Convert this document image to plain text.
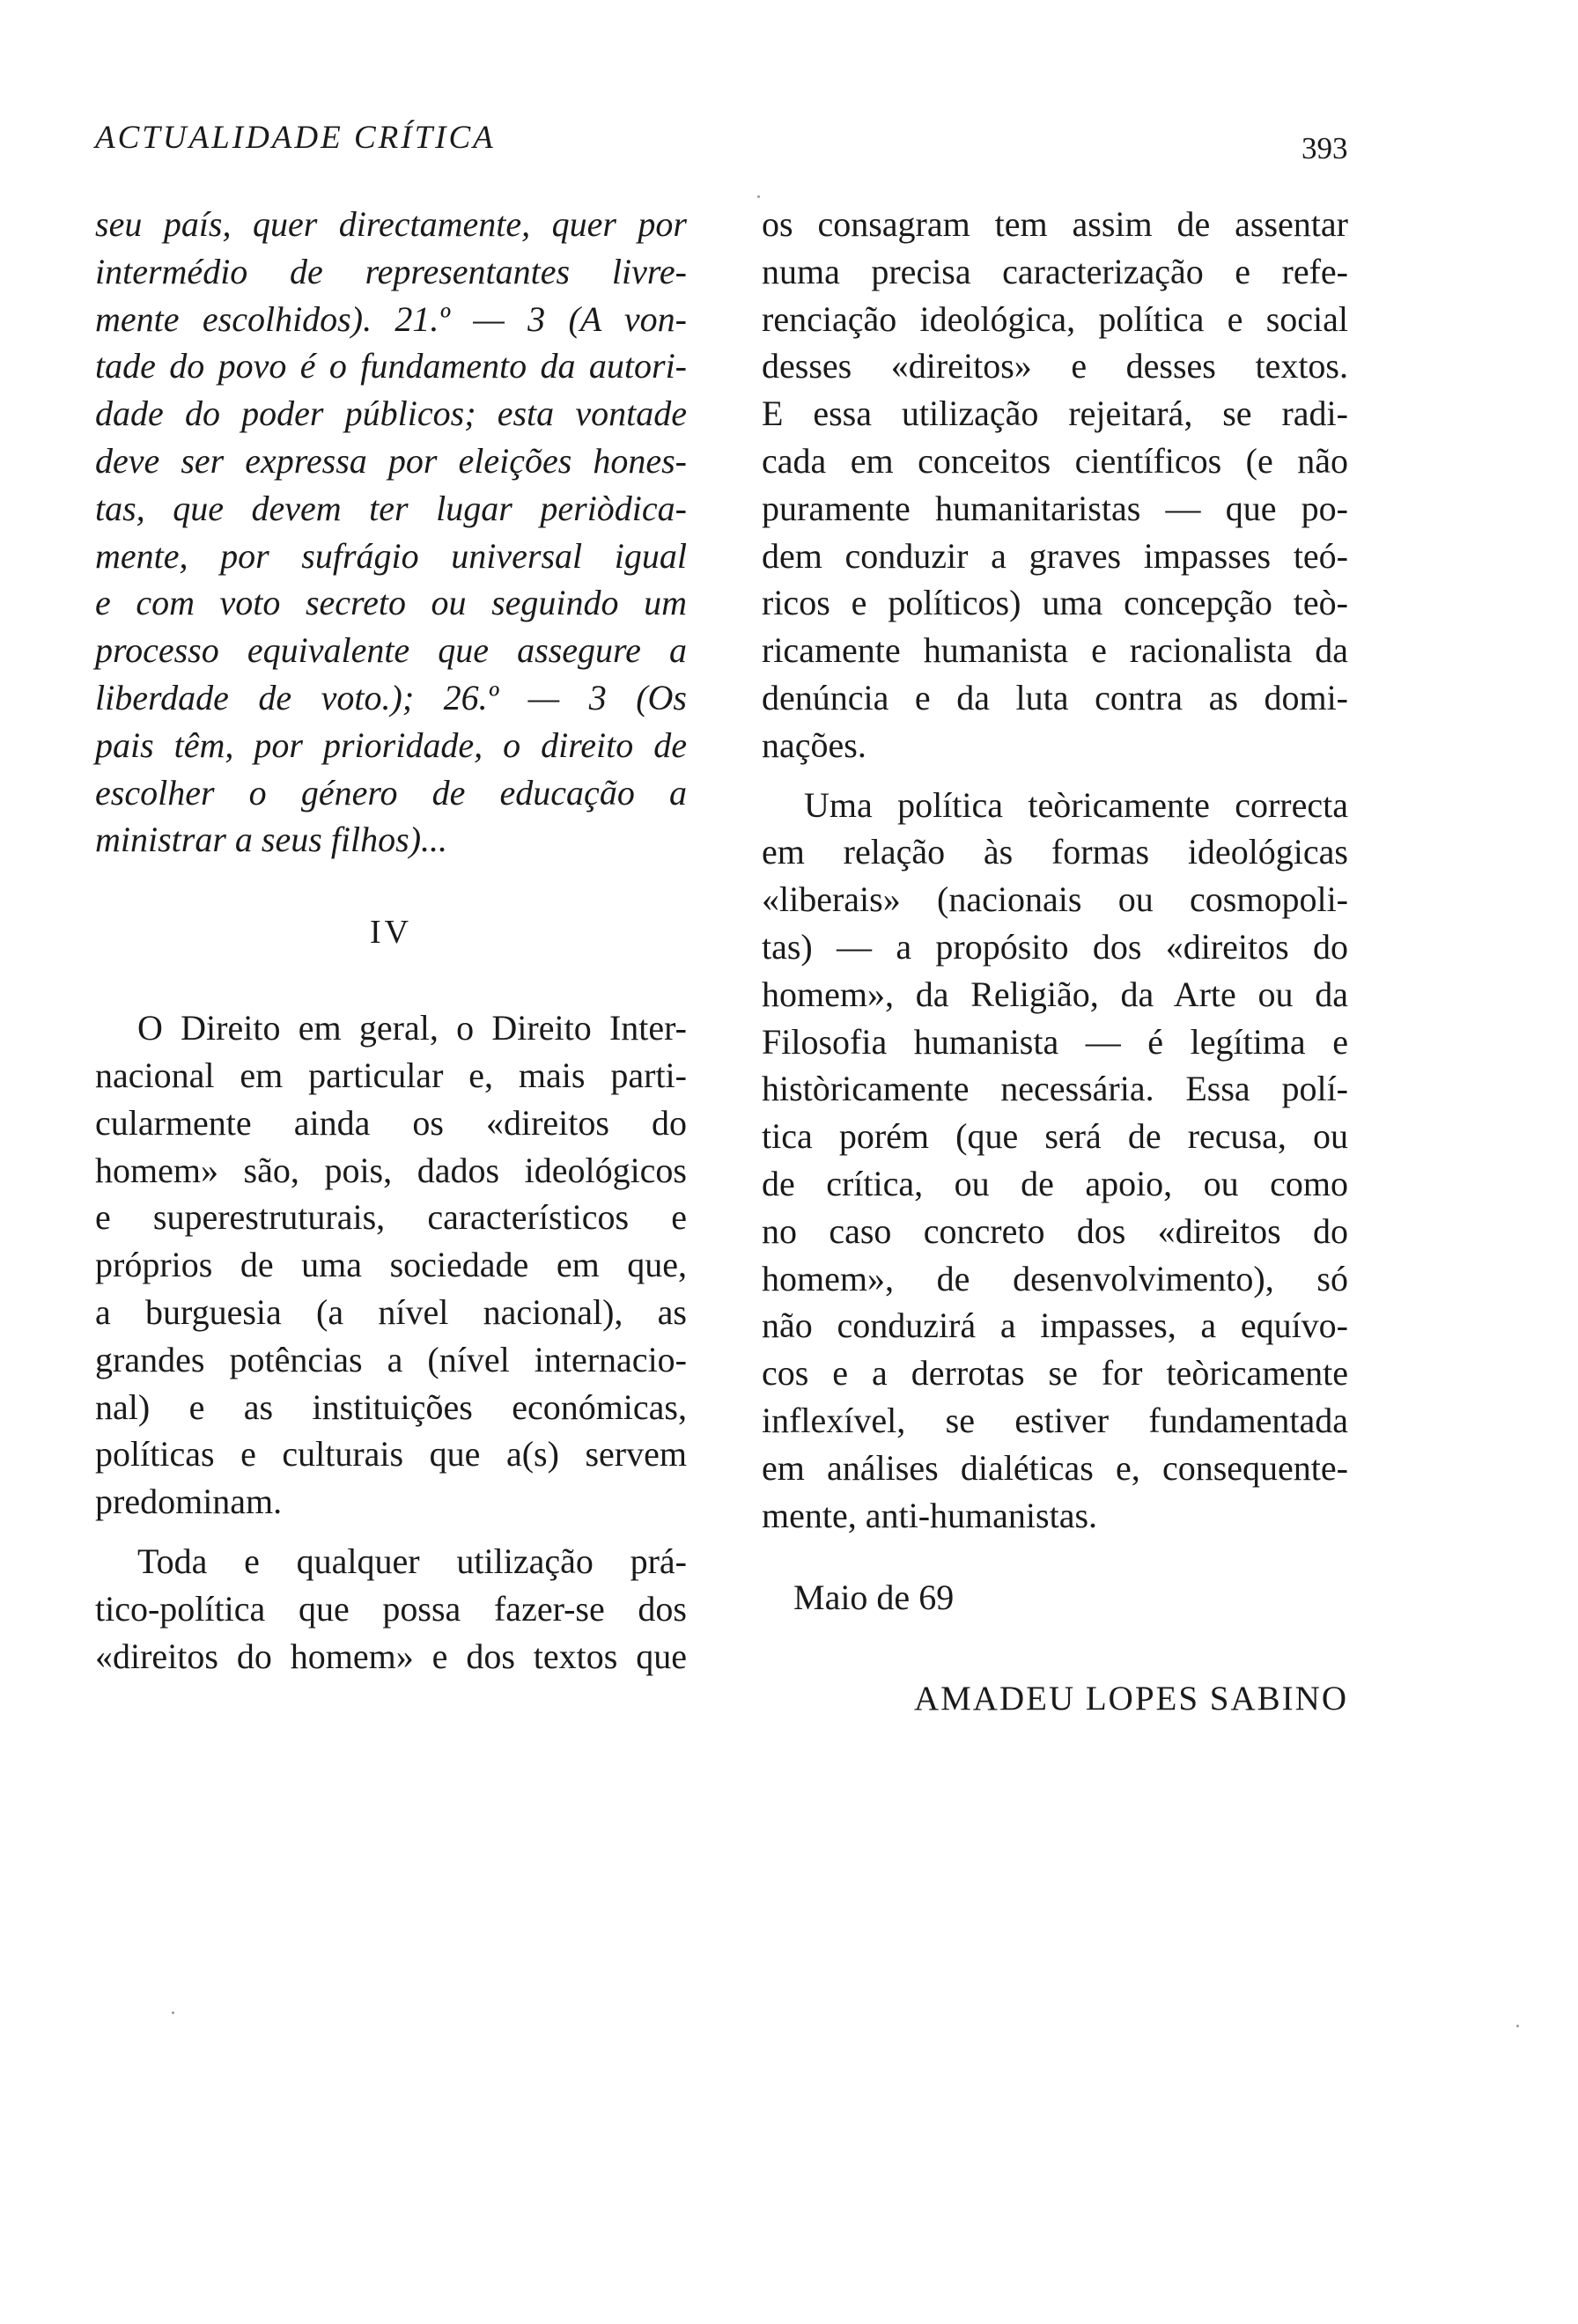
ACTUALIDADE CRÍTICA	393
seu país, quer directamente, quer por
intermédio de representantes livre-
mente escolhidos). 21.º — 3 (A von-
tade do povo é o fundamento da autori-
dade do poder públicos; esta vontade
deve ser expressa por eleições hones-
tas, que devem ter lugar periòdica-
mente, por sufrágio universal igual
e com voto secreto ou seguindo um
processo equivalente que assegure a
liberdade de voto.); 26.º — 3 (Os
pais têm, por prioridade, o direito de
escolher o género de educação a
ministrar a seus filhos)...
IV
O Direito em geral, o Direito Inter-
nacional em particular e, mais parti-
cularmente ainda os «direitos do
homem» são, pois, dados ideológicos
e superestruturais, característicos e
próprios de uma sociedade em que,
a burguesia (a nível nacional), as
grandes potências a (nível internacio-
nal) e as instituições económicas,
políticas e culturais que a(s) servem
predominam.
Toda e qualquer utilização prá-
tico-política que possa fazer-se dos
«direitos do homem» e dos textos que
os consagram tem assim de assentar
numa precisa caracterização e refe-
renciação ideológica, política e social
desses «direitos» e desses textos.
E essa utilização rejeitará, se radi-
cada em conceitos científicos (e não
puramente humanitaristas — que po-
dem conduzir a graves impasses teó-
ricos e políticos) uma concepção teò-
ricamente humanista e racionalista da
denúncia e da luta contra as domi-
nações.
Uma política teòricamente correcta
em relação às formas ideológicas
«liberais» (nacionais ou cosmopoli-
tas) — a propósito dos «direitos do
homem», da Religião, da Arte ou da
Filosofia humanista — é legítima e
històricamente necessária. Essa polí-
tica porém (que será de recusa, ou
de crítica, ou de apoio, ou como
no caso concreto dos «direitos do
homem», de desenvolvimento), só
não conduzirá a impasses, a equívo-
cos e a derrotas se for teòricamente
inflexível, se estiver fundamentada
em análises dialéticas e, consequente-
mente, anti-humanistas.
Maio de 69
AMADEU LOPES SABINO
